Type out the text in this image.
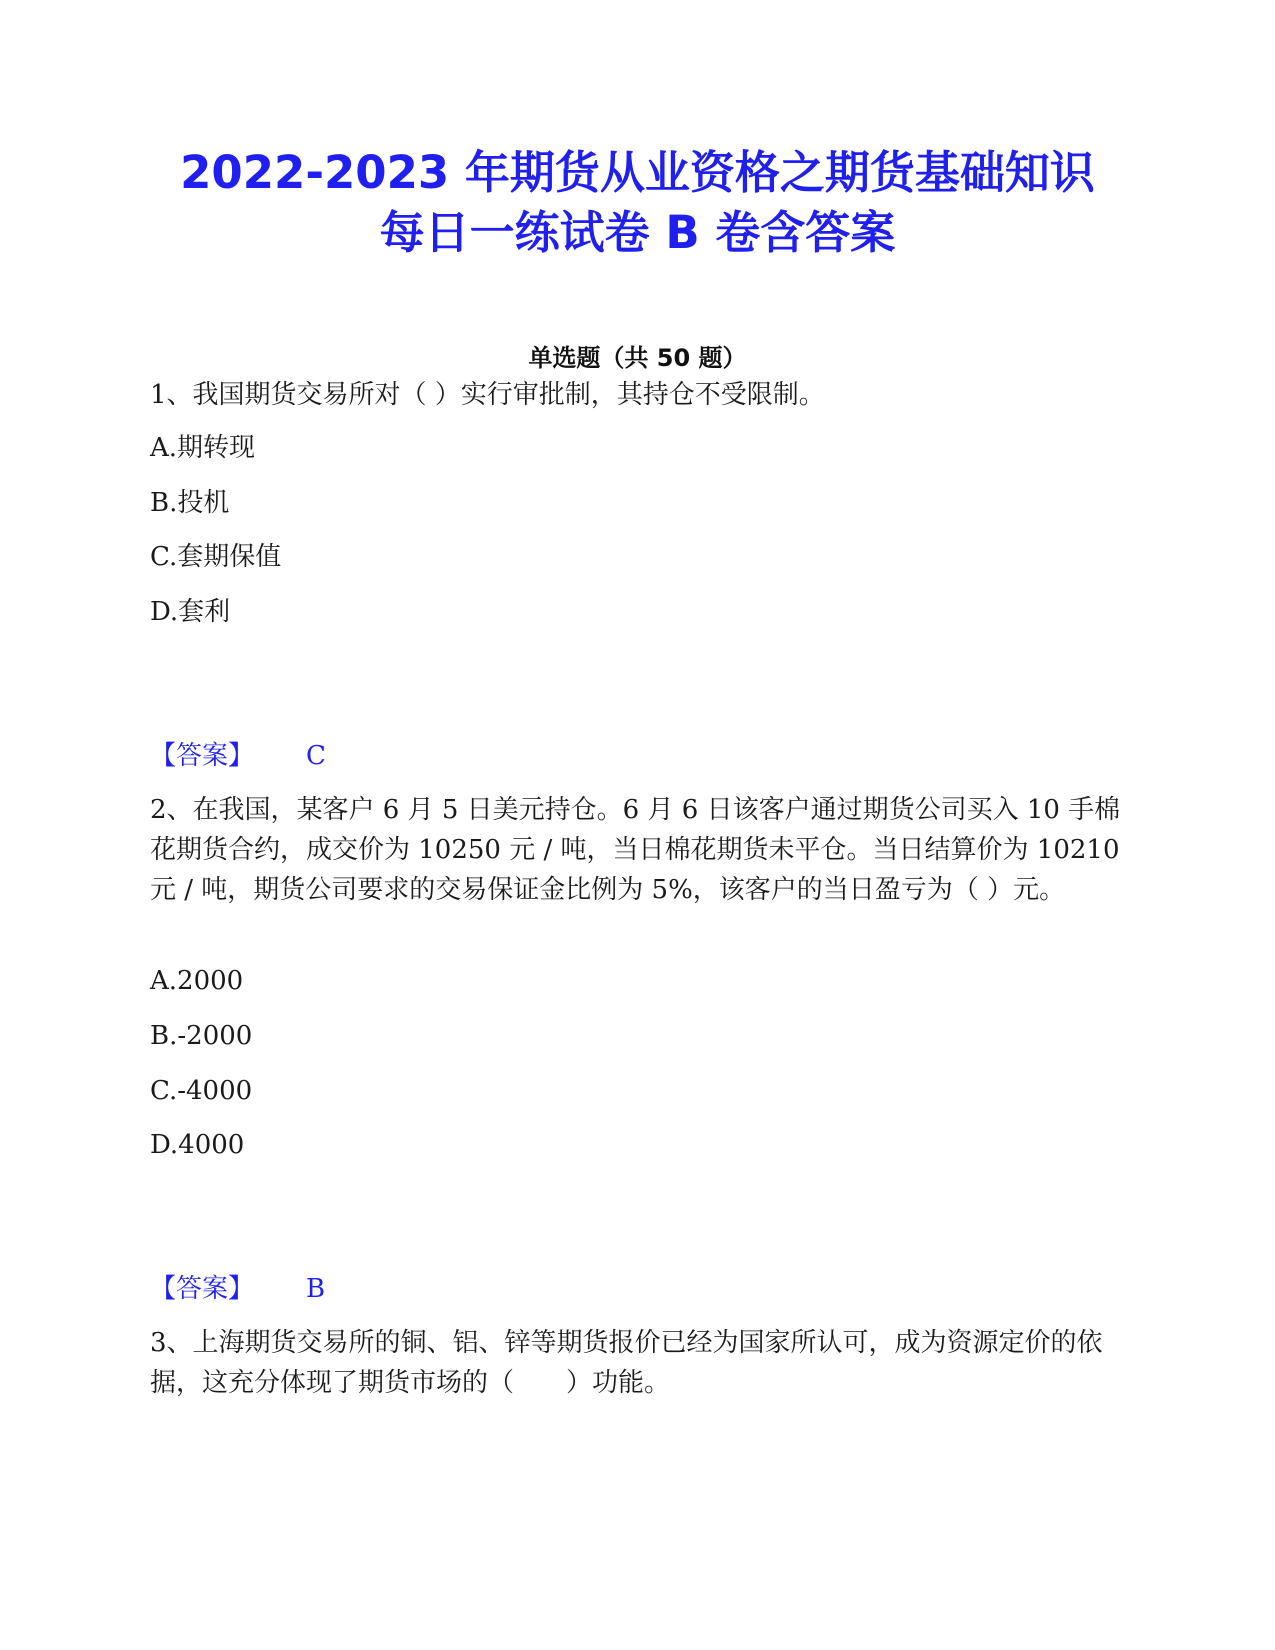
2022-2023 年期货从业资格之期货基础知识
每日一练试卷 B 卷含答案
单选题（共 50 题）

1、我国期货交易所对（ ）实行审批制，其持仓不受限制。

A.期转现

B.投机

C.套期保值

D.套利

【答案】 C

2、在我国，某客户 6 月 5 日美元持仓。6 月 6 日该客户通过期货公司买入 10 手棉花期货合约，成交价为 10250 元 / 吨，当日棉花期货未平仓。当日结算价为 10210 元 / 吨，期货公司要求的交易保证金比例为 5%，该客户的当日盈亏为（ ）元。

A.2000

B.-2000

C.-4000

D.4000

【答案】 B

3、上海期货交易所的铜、铝、锌等期货报价已经为国家所认可，成为资源定价的依据，这充分体现了期货市场的（　　）功能。
